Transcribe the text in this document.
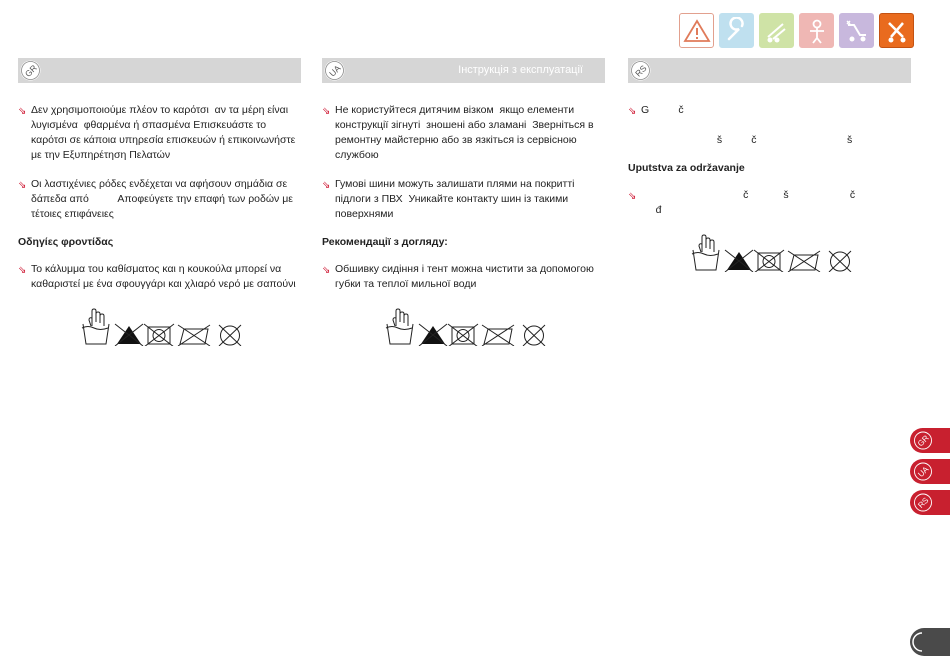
GR
⇘ Δεν χρησιμοποιούμε πλέον το καρότσι  αν τα μέρη είναι λυγισμένα  φθαρμένα ή σπασμένα Επισκευάστε το καρότσι σε κάποια υπηρεσία επισκευών ή επικοινωνήστε με την Εξυπηρέτηση Πελατών
⇘ Οι λαστιχένιες ρόδες ενδέχεται να αφήσουν σημάδια σε δάπεδα από          Αποφεύγετε την επαφή των ροδών με τέτοιες επιφάνειες
Οδηγίες φροντίδας
⇘ Το κάλυμμα του καθίσματος και η κουκούλα μπορεί να καθαριστεί με ένα σφουγγάρι και χλιαρό νερό με σαπούνι
UA	Інструкція з експлуатації
⇘ Не користуйтеся дитячим візком  якщо елементи конструкції зігнуті  зношені або зламані  Зверніться в ремонтну майстерню або зв язкіться із сервісною службою
⇘ Гумові шини можуть залишати плями на покритті підлоги з ПВХ  Уникайте контакту шин із такими поверхнями
Рекомендації з догляду:
⇘ Обшивку сидіння і тент можна чистити за допомогою губки та теплої мильної води
RS
⇘ G          č

š          č                               š
Uputstva za održavanje
⇘	č            š                     č
đ
GR
UA
RS
